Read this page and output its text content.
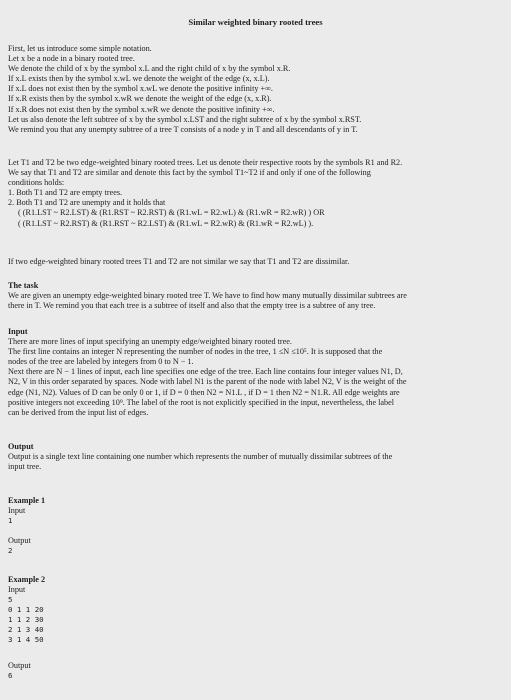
Similar weighted binary rooted trees
First, let us introduce some simple notation.
Let x be a node in a binary rooted tree.
We denote the child of x by the symbol x.L and the right child of x by the symbol x.R.
If x.L exists then by the symbol x.wL we denote the weight of the edge (x, x.L).
If x.L does not exist then by the symbol x.wL we denote the positive infinity +∞.
If x.R exists then by the symbol x.wR we denote the weight of the edge (x, x.R).
If x.R does not exist then by the symbol x.wR we denote the positive infinity +∞.
Let us also denote the left subtree of x by the symbol x.LST and the right subtree of x by the symbol x.RST.
We remind you that any unempty subtree of a tree T consists of a node y in T and all descendants of y in T.
Let T1 and T2 be two edge-weighted binary rooted trees. Let us denote their respective roots by the symbols R1 and R2.
We say that T1 and T2 are similar and denote this fact by the symbol T1~T2 if and only if one of the following
conditions holds:
1. Both T1 and T2 are empty trees.
2. Both T1 and T2 are unempty and it holds that
( (R1.LST ~ R2.LST) & (R1.RST ~ R2.RST) & (R1.wL = R2.wL) & (R1.wR = R2.wR) ) OR
( (R1.LST ~ R2.RST) & (R1.RST ~ R2.LST) & (R1.wL = R2.wR) & (R1.wR = R2.wL) ).
If two edge-weighted binary rooted trees T1 and T2 are not similar we say that T1 and T2 are dissimilar.
The task
We are given an unempty edge-weighted binary rooted tree T. We have to find how many mutually dissimilar subtrees are
there in T. We remind you that each tree is a subtree of itself and also that the empty tree is a subtree of any tree.
Input
There are more lines of input specifying an unempty edge/weighted binary rooted tree.
The first line contains an integer N representing the number of nodes in the tree, 1 ≤N ≤10⁵. It is supposed that the
nodes of the tree are labeled by integers from 0 to N − 1.
Next there are N − 1 lines of input, each line specifies one edge of the tree. Each line contains four integer values N1, D,
N2, V in this order separated by spaces. Node with label N1 is the parent of the node with label N2, V is the weight of the
edge (N1, N2). Values of D can be only 0 or 1, if D = 0 then N2 = N1.L , if D = 1 then N2 = N1.R. All edge weights are
positive integers not exceeding 10⁹. The label of the root is not explicitly specified in the input, nevertheless, the label
can be derived from the input list of edges.
Output
Output is a single text line containing one number which represents the number of mutually dissimilar subtrees of the
input tree.
Example 1
Input
1
Output
2
Example 2
Input
5
0 1 1 20
1 1 2 30
2 1 3 40
3 1 4 50
Output
6
